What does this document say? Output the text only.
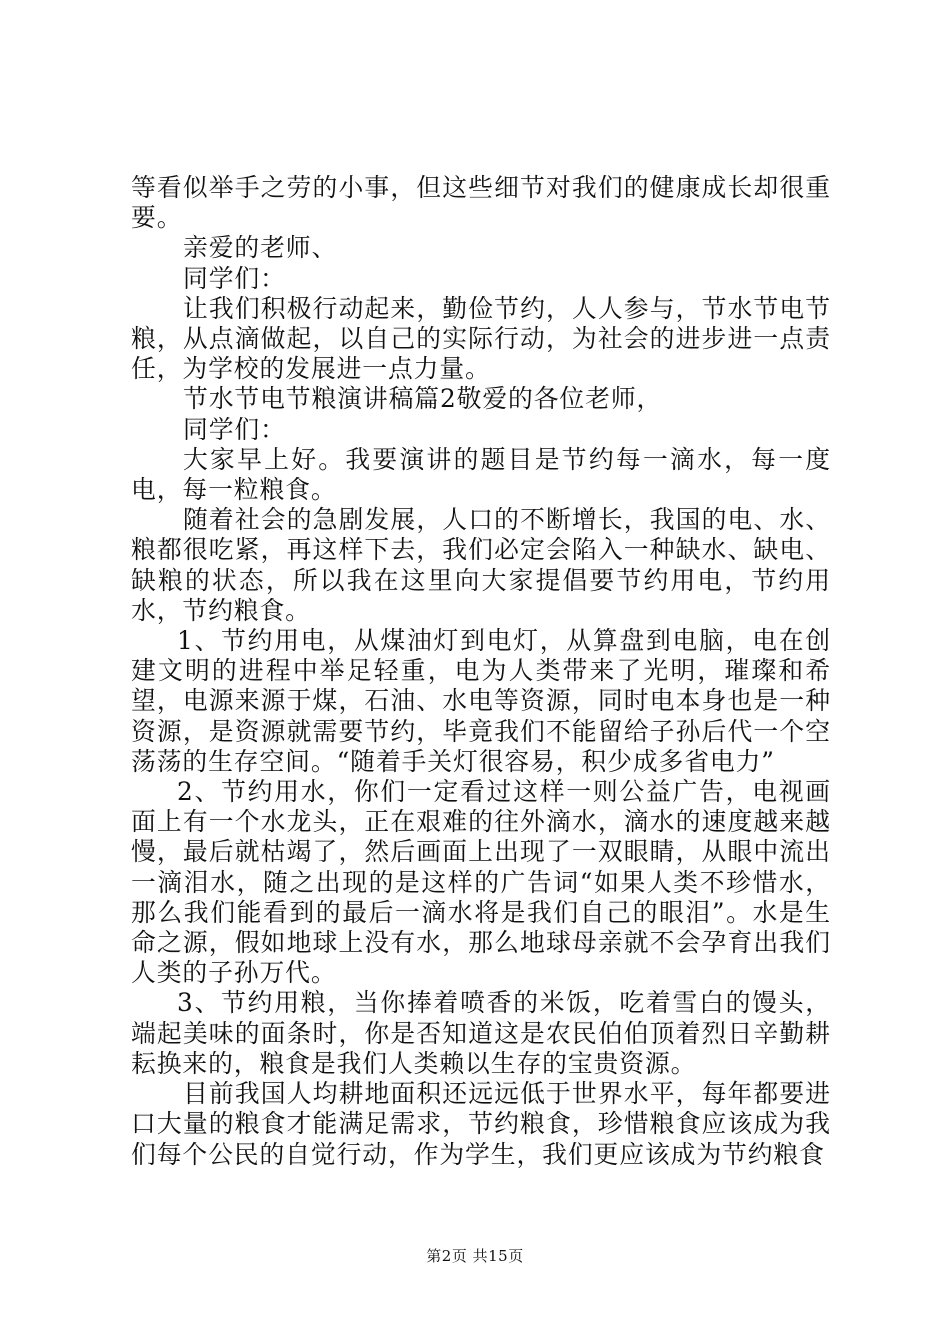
等看似举手之劳的小事，但这些细节对我们的健康成长却很重要。

亲爱的老师、

同学们：

让我们积极行动起来，勤俭节约，人人参与，节水节电节粮，从点滴做起，以自己的实际行动，为社会的进步进一点责任，为学校的发展进一点力量。

节水节电节粮演讲稿篇2敬爱的各位老师，

同学们：

大家早上好。我要演讲的题目是节约每一滴水，每一度电，每一粒粮食。

随着社会的急剧发展，人口的不断增长，我国的电、水、粮都很吃紧，再这样下去，我们必定会陷入一种缺水、缺电、缺粮的状态，所以我在这里向大家提倡要节约用电，节约用水，节约粮食。

1、节约用电，从煤油灯到电灯，从算盘到电脑，电在创建文明的进程中举足轻重，电为人类带来了光明，璀璨和希望，电源来源于煤，石油、水电等资源，同时电本身也是一种资源，是资源就需要节约，毕竟我们不能留给子孙后代一个空荡荡的生存空间。“随着手关灯很容易，积少成多省电力”

2、节约用水，你们一定看过这样一则公益广告，电视画面上有一个水龙头，正在艰难的往外滴水，滴水的速度越来越慢，最后就枯竭了，然后画面上出现了一双眼睛，从眼中流出一滴泪水，随之出现的是这样的广告词“如果人类不珍惜水，那么我们能看到的最后一滴水将是我们自己的眼泪”。水是生命之源，假如地球上没有水，那么地球母亲就不会孕育出我们人类的子孙万代。

3、节约用粮，当你捧着喷香的米饭，吃着雪白的馒头，端起美味的面条时，你是否知道这是农民伯伯顶着烈日辛勤耕耘换来的，粮食是我们人类赖以生存的宝贵资源。

目前我国人均耕地面积还远远低于世界水平，每年都要进口大量的粮食才能满足需求，节约粮食，珍惜粮食应该成为我们每个公民的自觉行动，作为学生，我们更应该成为节约粮食

第2页 共15页
